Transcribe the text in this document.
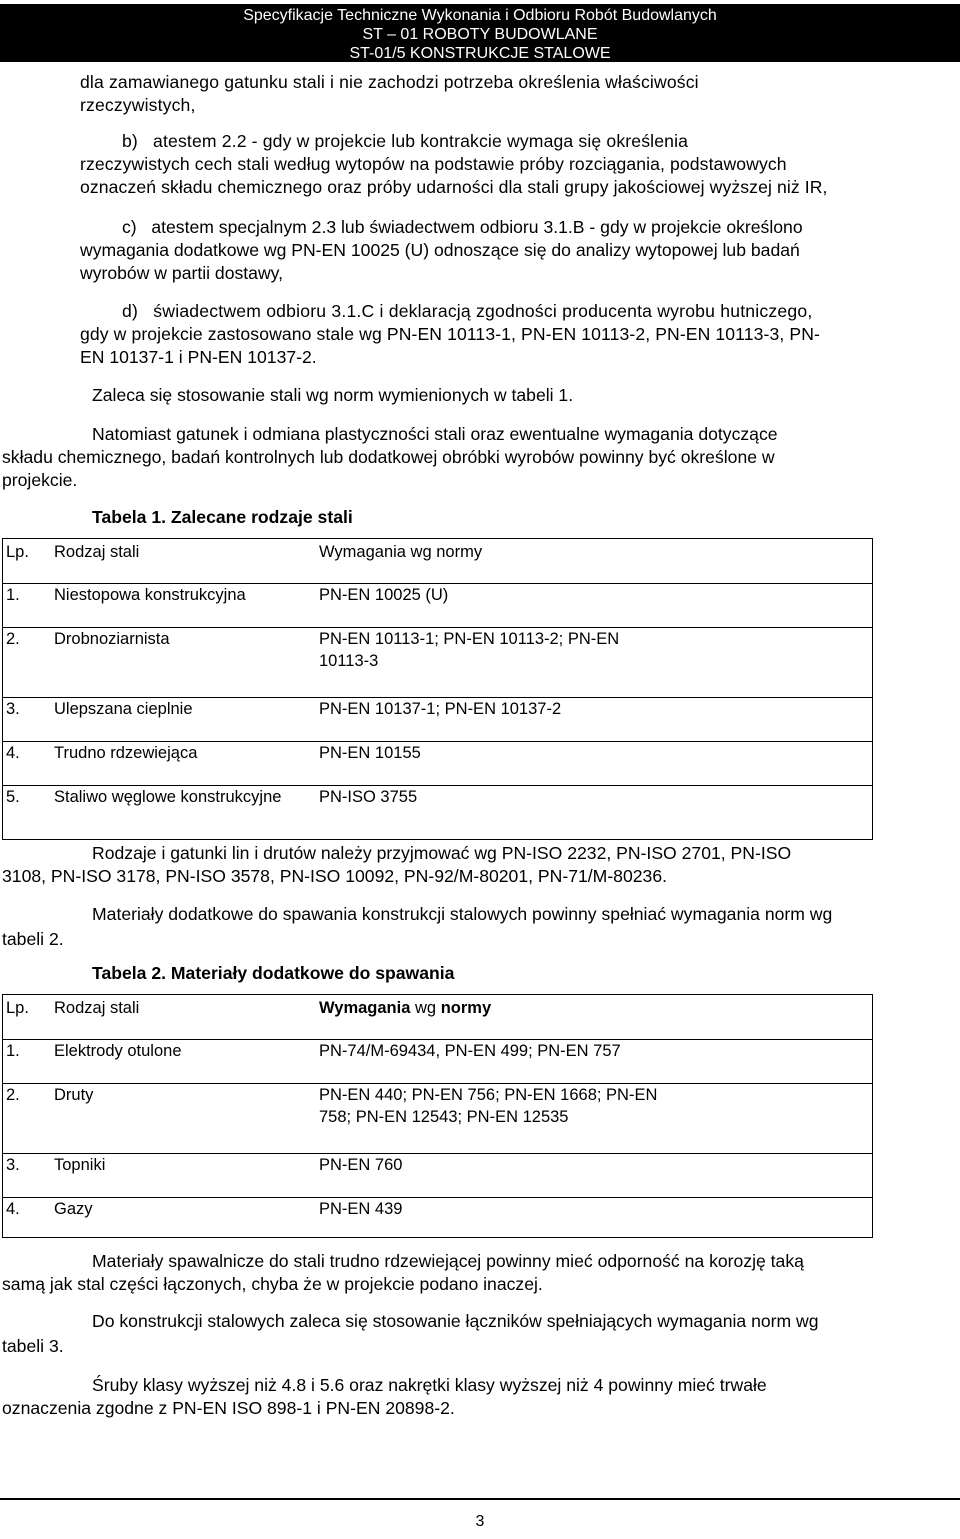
Specyfikacje Techniczne Wykonania i Odbioru Robót Budowlanych
ST – 01 ROBOTY BUDOWLANE
ST-01/5 KONSTRUKCJE STALOWE
dla zamawianego gatunku stali i nie zachodzi potrzeba określenia właściwości
rzeczywistych,
b)   atestem 2.2 - gdy w projekcie lub kontrakcie wymaga się określenia
rzeczywistych cech stali według wytopów na podstawie próby rozciągania, podstawowych
oznaczeń składu chemicznego oraz próby udarności dla stali grupy jakościowej wyższej niż IR,
c)   atestem specjalnym 2.3 lub świadectwem odbioru 3.1.B - gdy w projekcie określono
wymagania dodatkowe wg PN-EN 10025 (U) odnoszące się do analizy wytopowej lub badań
wyrobów w partii dostawy,
d)   świadectwem odbioru 3.1.C i deklaracją zgodności producenta wyrobu hutniczego,
gdy w projekcie zastosowano stale wg PN-EN 10113-1, PN-EN 10113-2, PN-EN 10113-3, PN-
EN 10137-1 i PN-EN 10137-2.
Zaleca się stosowanie stali wg norm wymienionych w tabeli 1.
Natomiast gatunek i odmiana plastyczności stali oraz ewentualne wymagania dotyczące
składu chemicznego, badań kontrolnych lub dodatkowej obróbki wyrobów powinny być określone w
projekcie.
Tabela 1. Zalecane rodzaje stali
Lp.	Rodzaj stali	Wymagania wg normy
1.	Niestopowa konstrukcyjna	PN-EN 10025 (U)
2.	Drobnoziarnista	PN-EN 10113-1; PN-EN 10113-2; PN-EN 10113-3
3.	Ulepszana cieplnie	PN-EN 10137-1; PN-EN 10137-2
4.	Trudno rdzewiejąca	PN-EN 10155
5.	Staliwo węglowe konstrukcyjne	PN-ISO 3755
Rodzaje i gatunki lin i drutów należy przyjmować wg PN-ISO 2232, PN-ISO 2701, PN-ISO
3108, PN-ISO 3178, PN-ISO 3578, PN-ISO 10092, PN-92/M-80201, PN-71/M-80236.
Materiały dodatkowe do spawania konstrukcji stalowych powinny spełniać wymagania norm wg
tabeli 2.
Tabela 2. Materiały dodatkowe do spawania
Lp.	Rodzaj stali	Wymagania wg normy
1.	Elektrody otulone	PN-74/M-69434, PN-EN 499; PN-EN 757
2.	Druty	PN-EN 440; PN-EN 756; PN-EN 1668; PN-EN 758; PN-EN 12543; PN-EN 12535
3.	Topniki	PN-EN 760
4.	Gazy	PN-EN 439
Materiały spawalnicze do stali trudno rdzewiejącej powinny mieć odporność na korozję taką
samą jak stal części łączonych, chyba że w projekcie podano inaczej.
Do konstrukcji stalowych zaleca się stosowanie łączników spełniających wymagania norm wg
tabeli 3.
Śruby klasy wyższej niż 4.8 i 5.6 oraz nakrętki klasy wyższej niż 4 powinny mieć trwałe
oznaczenia zgodne z PN-EN ISO 898-1 i PN-EN 20898-2.
3
